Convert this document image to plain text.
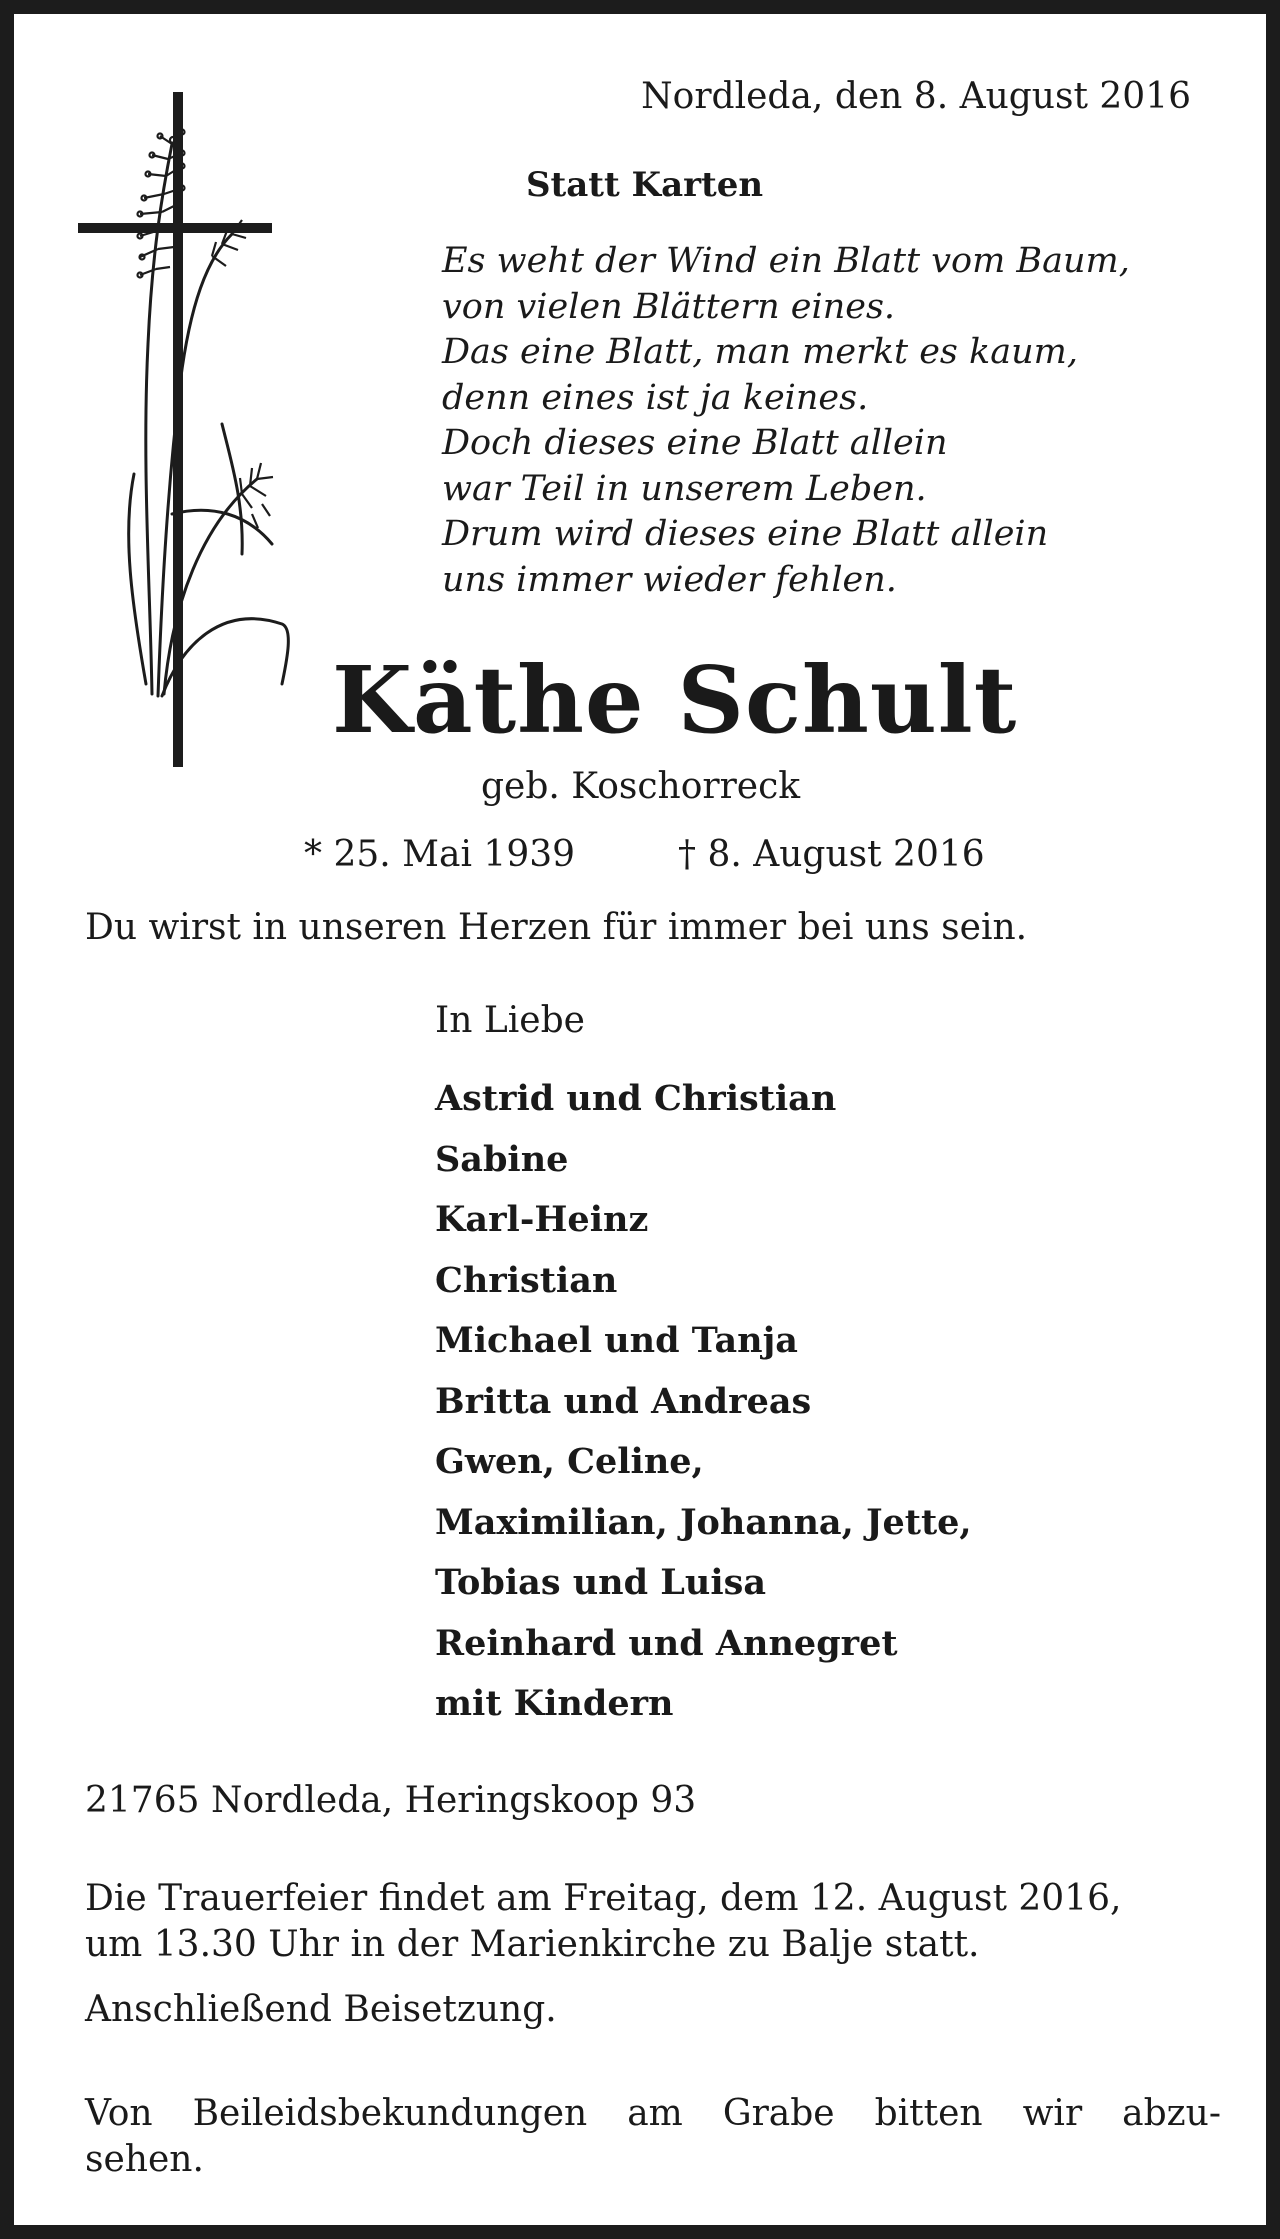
Nordleda, den 8. August 2016
Statt Karten
Es weht der Wind ein Blatt vom Baum,
von vielen Blättern eines.
Das eine Blatt, man merkt es kaum,
denn eines ist ja keines.
Doch dieses eine Blatt allein
war Teil in unserem Leben.
Drum wird dieses eine Blatt allein
uns immer wieder fehlen.
Käthe Schult
geb. Koschorreck
* 25. Mai 1939	† 8. August 2016
Du wirst in unseren Herzen für immer bei uns sein.
In Liebe
Astrid und Christian
Sabine
Karl-Heinz
Christian
Michael und Tanja
Britta und Andreas
Gwen, Celine,
Maximilian, Johanna, Jette,
Tobias und Luisa
Reinhard und Annegret
mit Kindern
21765 Nordleda, Heringskoop 93
Die Trauerfeier findet am Freitag, dem 12. August 2016,
um 13.30 Uhr in der Marienkirche zu Balje statt.
Anschließend Beisetzung.
Von Beileidsbekundungen am Grabe bitten wir abzu-
sehen.
